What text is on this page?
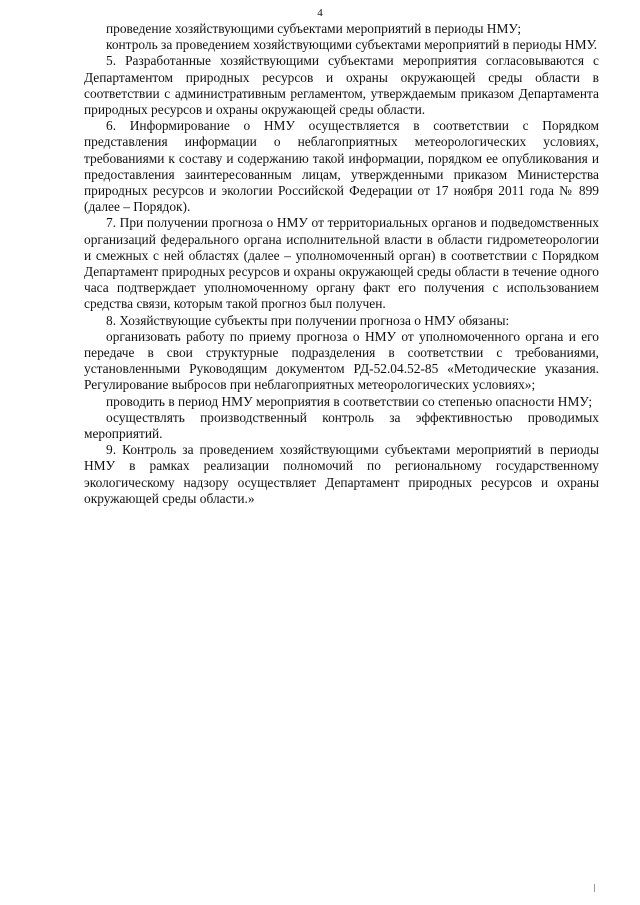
4

проведение хозяйствующими субъектами мероприятий в периоды НМУ;

контроль за проведением хозяйствующими субъектами мероприятий в периоды НМУ.

5. Разработанные хозяйствующими субъектами мероприятия согласовываются с Департаментом природных ресурсов и охраны окружающей среды области в соответствии с административным регламентом, утверждаемым приказом Департамента природных ресурсов и охраны окружающей среды области.

6. Информирование о НМУ осуществляется в соответствии с Порядком представления информации о неблагоприятных метеорологических условиях, требованиями к составу и содержанию такой информации, порядком ее опубликования и предоставления заинтересованным лицам, утвержденными приказом Министерства природных ресурсов и экологии Российской Федерации от 17 ноября 2011 года № 899 (далее – Порядок).

7. При получении прогноза о НМУ от территориальных органов и подведомственных организаций федерального органа исполнительной власти в области гидрометеорологии и смежных с ней областях (далее – уполномоченный орган) в соответствии с Порядком Департамент природных ресурсов и охраны окружающей среды области в течение одного часа подтверждает уполномоченному органу факт его получения с использованием средства связи, которым такой прогноз был получен.

8. Хозяйствующие субъекты при получении прогноза о НМУ обязаны:

организовать работу по приему прогноза о НМУ от уполномоченного органа и его передаче в свои структурные подразделения в соответствии с требованиями, установленными Руководящим документом РД-52.04.52-85 «Методические указания. Регулирование выбросов при неблагоприятных метеорологических условиях»;

проводить в период НМУ мероприятия в соответствии со степенью опасности НМУ;

осуществлять производственный контроль за эффективностью проводимых мероприятий.

9. Контроль за проведением хозяйствующими субъектами мероприятий в периоды НМУ в рамках реализации полномочий по региональному государственному экологическому надзору осуществляет Департамент природных ресурсов и охраны окружающей среды области.»
